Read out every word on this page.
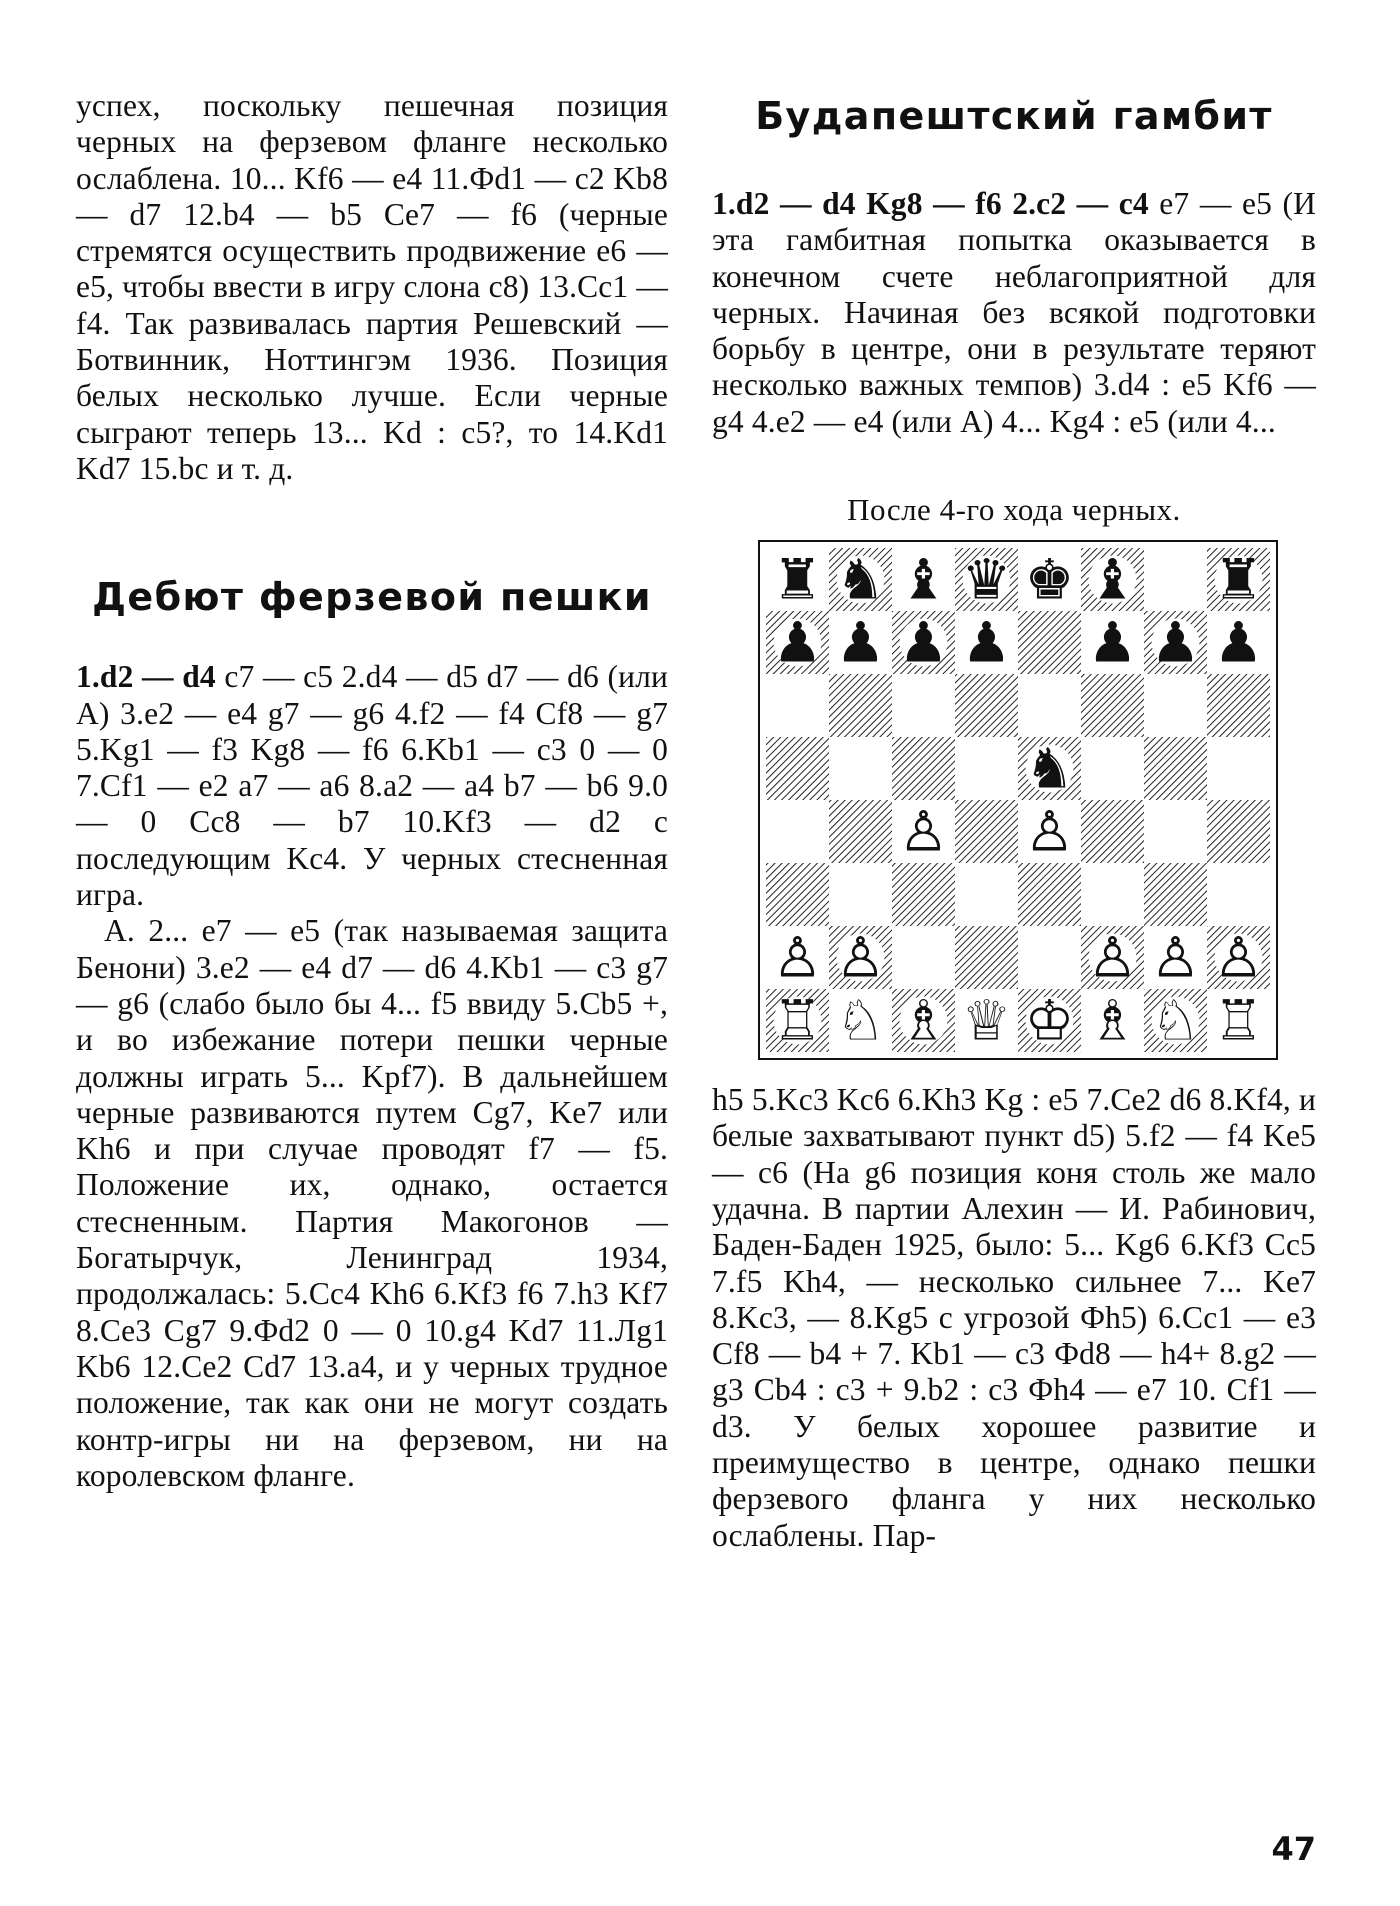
успех, поскольку пешечная позиция черных на ферзевом фланге несколько ослаблена. 10... Kf6 — e4 11.Фd1 — c2 Kb8 — d7 12.b4 — b5 Ce7 — f6 (черные стремятся осуществить продвижение e6 — e5, чтобы ввести в игру слона c8) 13.Cc1 — f4. Так развивалась партия Решевский — Ботвинник, Ноттингэм 1936. Позиция белых несколько лучше. Если черные сыграют теперь 13... Kd : c5?, то 14.Kd1 Kd7 15.bc и т. д.

Дебют ферзевой пешки

1.d2 — d4 c7 — c5 2.d4 — d5 d7 — d6 (или А) 3.e2 — e4 g7 — g6 4.f2 — f4 Cf8 — g7 5.Kg1 — f3 Kg8 — f6 6.Kb1 — c3 0 — 0 7.Cf1 — e2 a7 — a6 8.a2 — a4 b7 — b6 9.0 — 0 Cc8 — b7 10.Kf3 — d2 с последующим Kc4. У черных стесненная игра.

А. 2... e7 — e5 (так называемая защита Бенони) 3.e2 — e4 d7 — d6 4.Kb1 — c3 g7 — g6 (слабо было бы 4... f5 ввиду 5.Cb5 +, и во избежание потери пешки черные должны играть 5... Kpf7). В дальнейшем черные развиваются путем Cg7, Ke7 или Kh6 и при случае проводят f7 — f5. Положение их, однако, остается стесненным. Партия Макогонов — Богатырчук, Ленинград 1934, продолжалась: 5.Cc4 Kh6 6.Kf3 f6 7.h3 Kf7 8.Ce3 Cg7 9.Фd2 0 — 0 10.g4 Kd7 11.Лg1 Kb6 12.Ce2 Cd7 13.a4, и у черных трудное положение, так как они не могут создать контр-игры ни на ферзевом, ни на королевском фланге.

Будапештский гамбит

1.d2 — d4 Kg8 — f6 2.c2 — c4 e7 — e5 (И эта гамбитная попытка оказывается в конечном счете неблагоприятной для черных. Начиная без всякой подготовки борьбу в центре, они в результате теряют несколько важных темпов) 3.d4 : e5 Kf6 — g4 4.e2 — e4 (или А) 4... Kg4 : e5 (или 4...

После 4-го хода черных.
♜ ♞ ♝ ♛ ♚ ♝ ♜
♟ ♟ ♟ ♟ ♟ ♟ ♟
♞
♙ ♙
♙ ♙	♙ ♙ ♙
♖ ♘ ♗ ♕ ♔ ♗ ♘ ♖

h5 5.Kc3 Kc6 6.Kh3 Kg : e5 7.Ce2 d6 8.Kf4, и белые захватывают пункт d5) 5.f2 — f4 Ke5 — c6 (На g6 позиция коня столь же мало удачна. В партии Алехин — И. Рабинович, Баден-Баден 1925, было: 5... Kg6 6.Kf3 Cc5 7.f5 Kh4, — несколько сильнее 7... Ke7 8.Kc3, — 8.Kg5 с угрозой Фh5) 6.Cc1 — e3 Cf8 — b4 + 7. Kb1 — c3 Фd8 — h4+ 8.g2 — g3 Cb4 : c3 + 9.b2 : c3 Фh4 — e7 10. Cf1 — d3. У белых хорошее развитие и преимущество в центре, однако пешки ферзевого фланга у них несколько ослаблены. Пар-

47
